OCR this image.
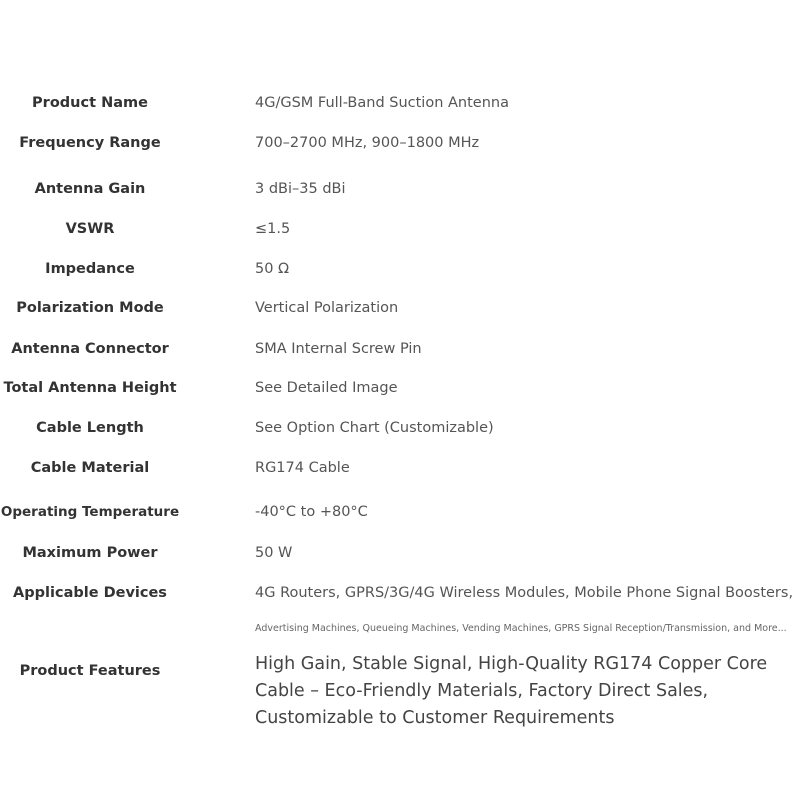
Product Name	4G/GSM Full-Band Suction Antenna
Frequency Range	700–2700 MHz, 900–1800 MHz
Antenna Gain	3 dBi–35 dBi
VSWR	≤1.5
Impedance	50 Ω
Polarization Mode	Vertical Polarization
Antenna Connector	SMA Internal Screw Pin
Total Antenna Height	See Detailed Image
Cable Length	See Option Chart (Customizable)
Cable Material	RG174 Cable
Operating Temperature	-40°C to +80°C
Maximum Power	50 W
Applicable Devices	4G Routers, GPRS/3G/4G Wireless Modules, Mobile Phone Signal Boosters,
Advertising Machines, Queueing Machines, Vending Machines, GPRS Signal Reception/Transmission, and More...
Product Features	High Gain, Stable Signal, High-Quality RG174 Copper Core Cable – Eco-Friendly Materials, Factory Direct Sales, Customizable to Customer Requirements
